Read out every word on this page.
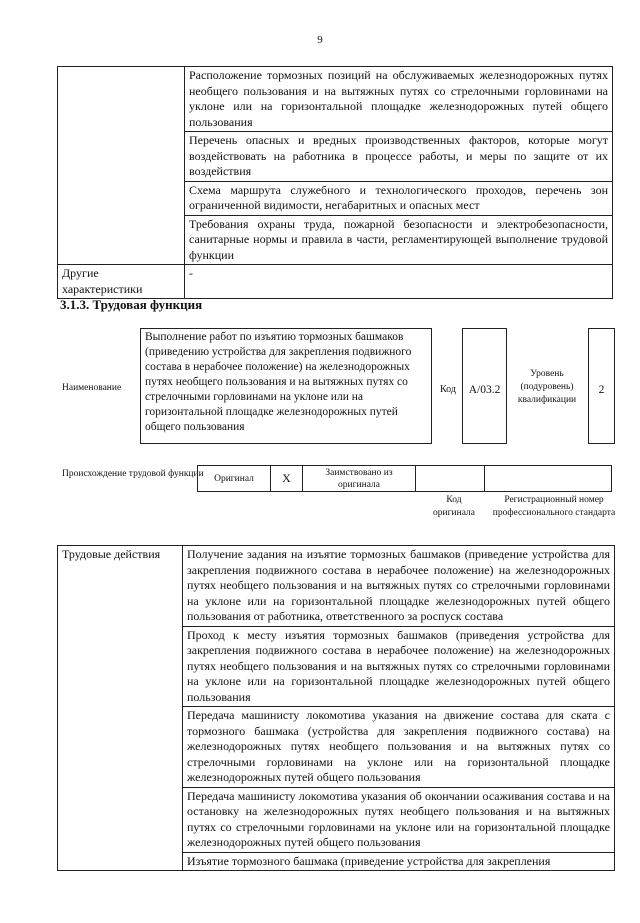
9
	Расположение тормозных позиций на обслуживаемых железнодорожных путях необщего пользования и на вытяжных путях со стрелочными горловинами на уклоне или на горизонтальной площадке железнодорожных путей общего пользования
	Перечень опасных и вредных производственных факторов, которые могут воздействовать на работника в процессе работы, и меры по защите от их воздействия
	Схема маршрута служебного и технологического проходов, перечень зон ограниченной видимости, негабаритных и опасных мест
	Требования охраны труда, пожарной безопасности и электробезопасности, санитарные нормы и правила в части, регламентирующей выполнение трудовой функции
Другие характеристики	-
3.1.3. Трудовая функция
Наименование
Выполнение работ по изъятию тормозных башмаков (приведению устройства для закрепления подвижного состава в нерабочее положение) на железнодорожных путях необщего пользования и на вытяжных путях со стрелочными горловинами на уклоне или на горизонтальной площадке железнодорожных путей общего пользования
Код	А/03.2
Уровень (подуровень) квалификации
2
Происхождение трудовой функции Оригинал	Х	Заимствовано из оригинала		
Код оригинала
Регистрационный номер профессионального стандарта
Трудовые действия	Получение задания на изъятие тормозных башмаков (приведение устройства для закрепления подвижного состава в нерабочее положение) на железнодорожных путях необщего пользования и на вытяжных путях со стрелочными горловинами на уклоне или на горизонтальной площадке железнодорожных путей общего пользования от работника, ответственного за роспуск состава
Проход к месту изъятия тормозных башмаков (приведения устройства для закрепления подвижного состава в нерабочее положение) на железнодорожных путях необщего пользования и на вытяжных путях со стрелочными горловинами на уклоне или на горизонтальной площадке железнодорожных путей общего пользования
Передача машинисту локомотива указания на движение состава для ската с тормозного башмака (устройства для закрепления подвижного состава) на железнодорожных путях необщего пользования и на вытяжных путях со стрелочными горловинами на уклоне или на горизонтальной площадке железнодорожных путей общего пользования
Передача машинисту локомотива указания об окончании осаживания состава и на остановку на железнодорожных путях необщего пользования и на вытяжных путях со стрелочными горловинами на уклоне или на горизонтальной площадке железнодорожных путей общего пользования
Изъятие тормозного башмака (приведение устройства для закрепления
